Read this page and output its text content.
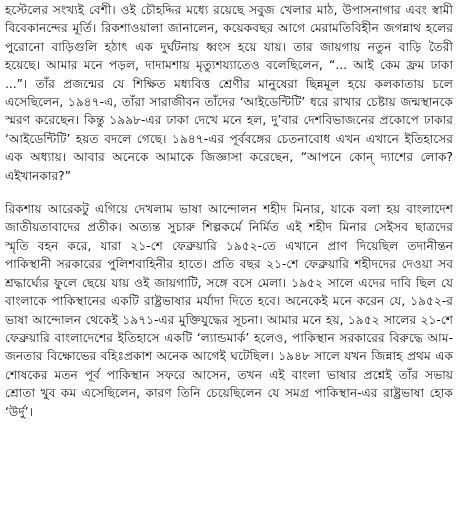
হস্টেলের সংখ্যই বেশী। ওই চৌহদ্দির মধ্যে রয়েছে সবুজ খেলার মাঠ, উপাসনাগার এবং স্বামী বিবেকানন্দের মূর্তি। রিকশাওয়ালা জানালেন, কয়েকবছর আগে মেরামতিবিহীন জগন্নাথ হলের পুরোনো বাড়িগুলি হঠাৎ এক দুর্ঘটনায় ধ্বংস হয়ে যায়। তার জায়গায় নতুন বাড়ি তৈরী হয়েছে। আমার মনে পড়ল, দাদামশায় মৃত্যুশয্যাতেও বলেছিলেন, “... আই কেম ফ্রম ঢাকা ...”। তাঁর প্রজন্মের যে শিক্ষিত মধ্যবিত্ত শ্রেণীর মানুষেরা ছিন্নমূল হয়ে কলকাতায় চলে এসেছিলেন, ১৯৪৭-এ, তাঁরা সারাজীবন তাঁদের ‘আইডেন্টিটি’ ধরে রাখার চেষ্টায় জন্মস্থানকে স্মরণ করেছেন। কিন্তু ১৯৯৮-এর ঢাকা দেখে মনে হল, দু’বার দেশবিভাজনের প্রকোপে ঢাকার ‘আইডেন্টিটি’ হয়ত বদলে গেছে। ১৯৪৭-এর পূর্ববঙ্গের চেতনাবোধ এখন এখানে ইতিহাসের এক অধ্যায়। আবার অনেকে আমাকে জিজ্ঞাসা করেছেন, “আপনে কোন্ দ্যাশের লোক? এইখানকার?”

রিকশায় আরেকটু এগিয়ে দেখলাম ভাষা আন্দোলন শহীদ মিনার, যাকে বলা হয় বাংলাদেশ জাতীয়তাবাদের প্রতীক। অত্যন্ত সুচারু শিল্পকর্মে নির্মিত এই শহীদ মিনার সেইসব ছাত্রদের স্মৃতি বহন করে, যারা ২১-শে ফেব্রুয়ারি ১৯৫২-তে এখানে প্রাণ দিয়েছিল তদানীন্তন পাকিস্থানী সরকারের পুলিশবাহিনীর হাতে। প্রতি বছর ২১-শে ফেব্রুয়ারি শহীদদের দেওয়া সব শ্রদ্ধার্ঘ্যের ফুলে ছেয়ে যায় ওই জায়গাটি, সঙ্গে বসে মেলা। ১৯৫২ সালে এদের দাবি ছিল যে বাংলাকে পাকিস্থানের একটি রাষ্ট্রভাষার মর্যাদা দিতে হবে। অনেকেই মনে করেন যে, ১৯৫২-র ভাষা আন্দোলন থেকেই ১৯৭১-এর মুক্তিযুদ্ধের সূচনা। আমার মনে হয়, ১৯৫২ সালের ২১-শে ফেব্রুয়ারি বাংলাদেশের ইতিহাসে একটি ‘ল্যান্ডমার্ক’ হলেও, পাকিস্থান সরকারের বিরুদ্ধে আম-জনতার বিক্ষোভের বহিঃপ্রকাশ অনেক আগেই ঘটেছিল। ১৯৪৮ সালে যখন জিন্নাহ প্রথম এক শোষকের মতন পূর্ব পাকিস্থান সফরে আসেন, তখন এই বাংলা ভাষার প্রশ্নেই তাঁর সভায় শ্রোতা খুব কম এসেছিলেন, কারণ তিনি চেয়েছিলেন যে সমগ্র পাকিস্থান-এর রাষ্ট্রভাষা হোক ‘উর্দু’।
